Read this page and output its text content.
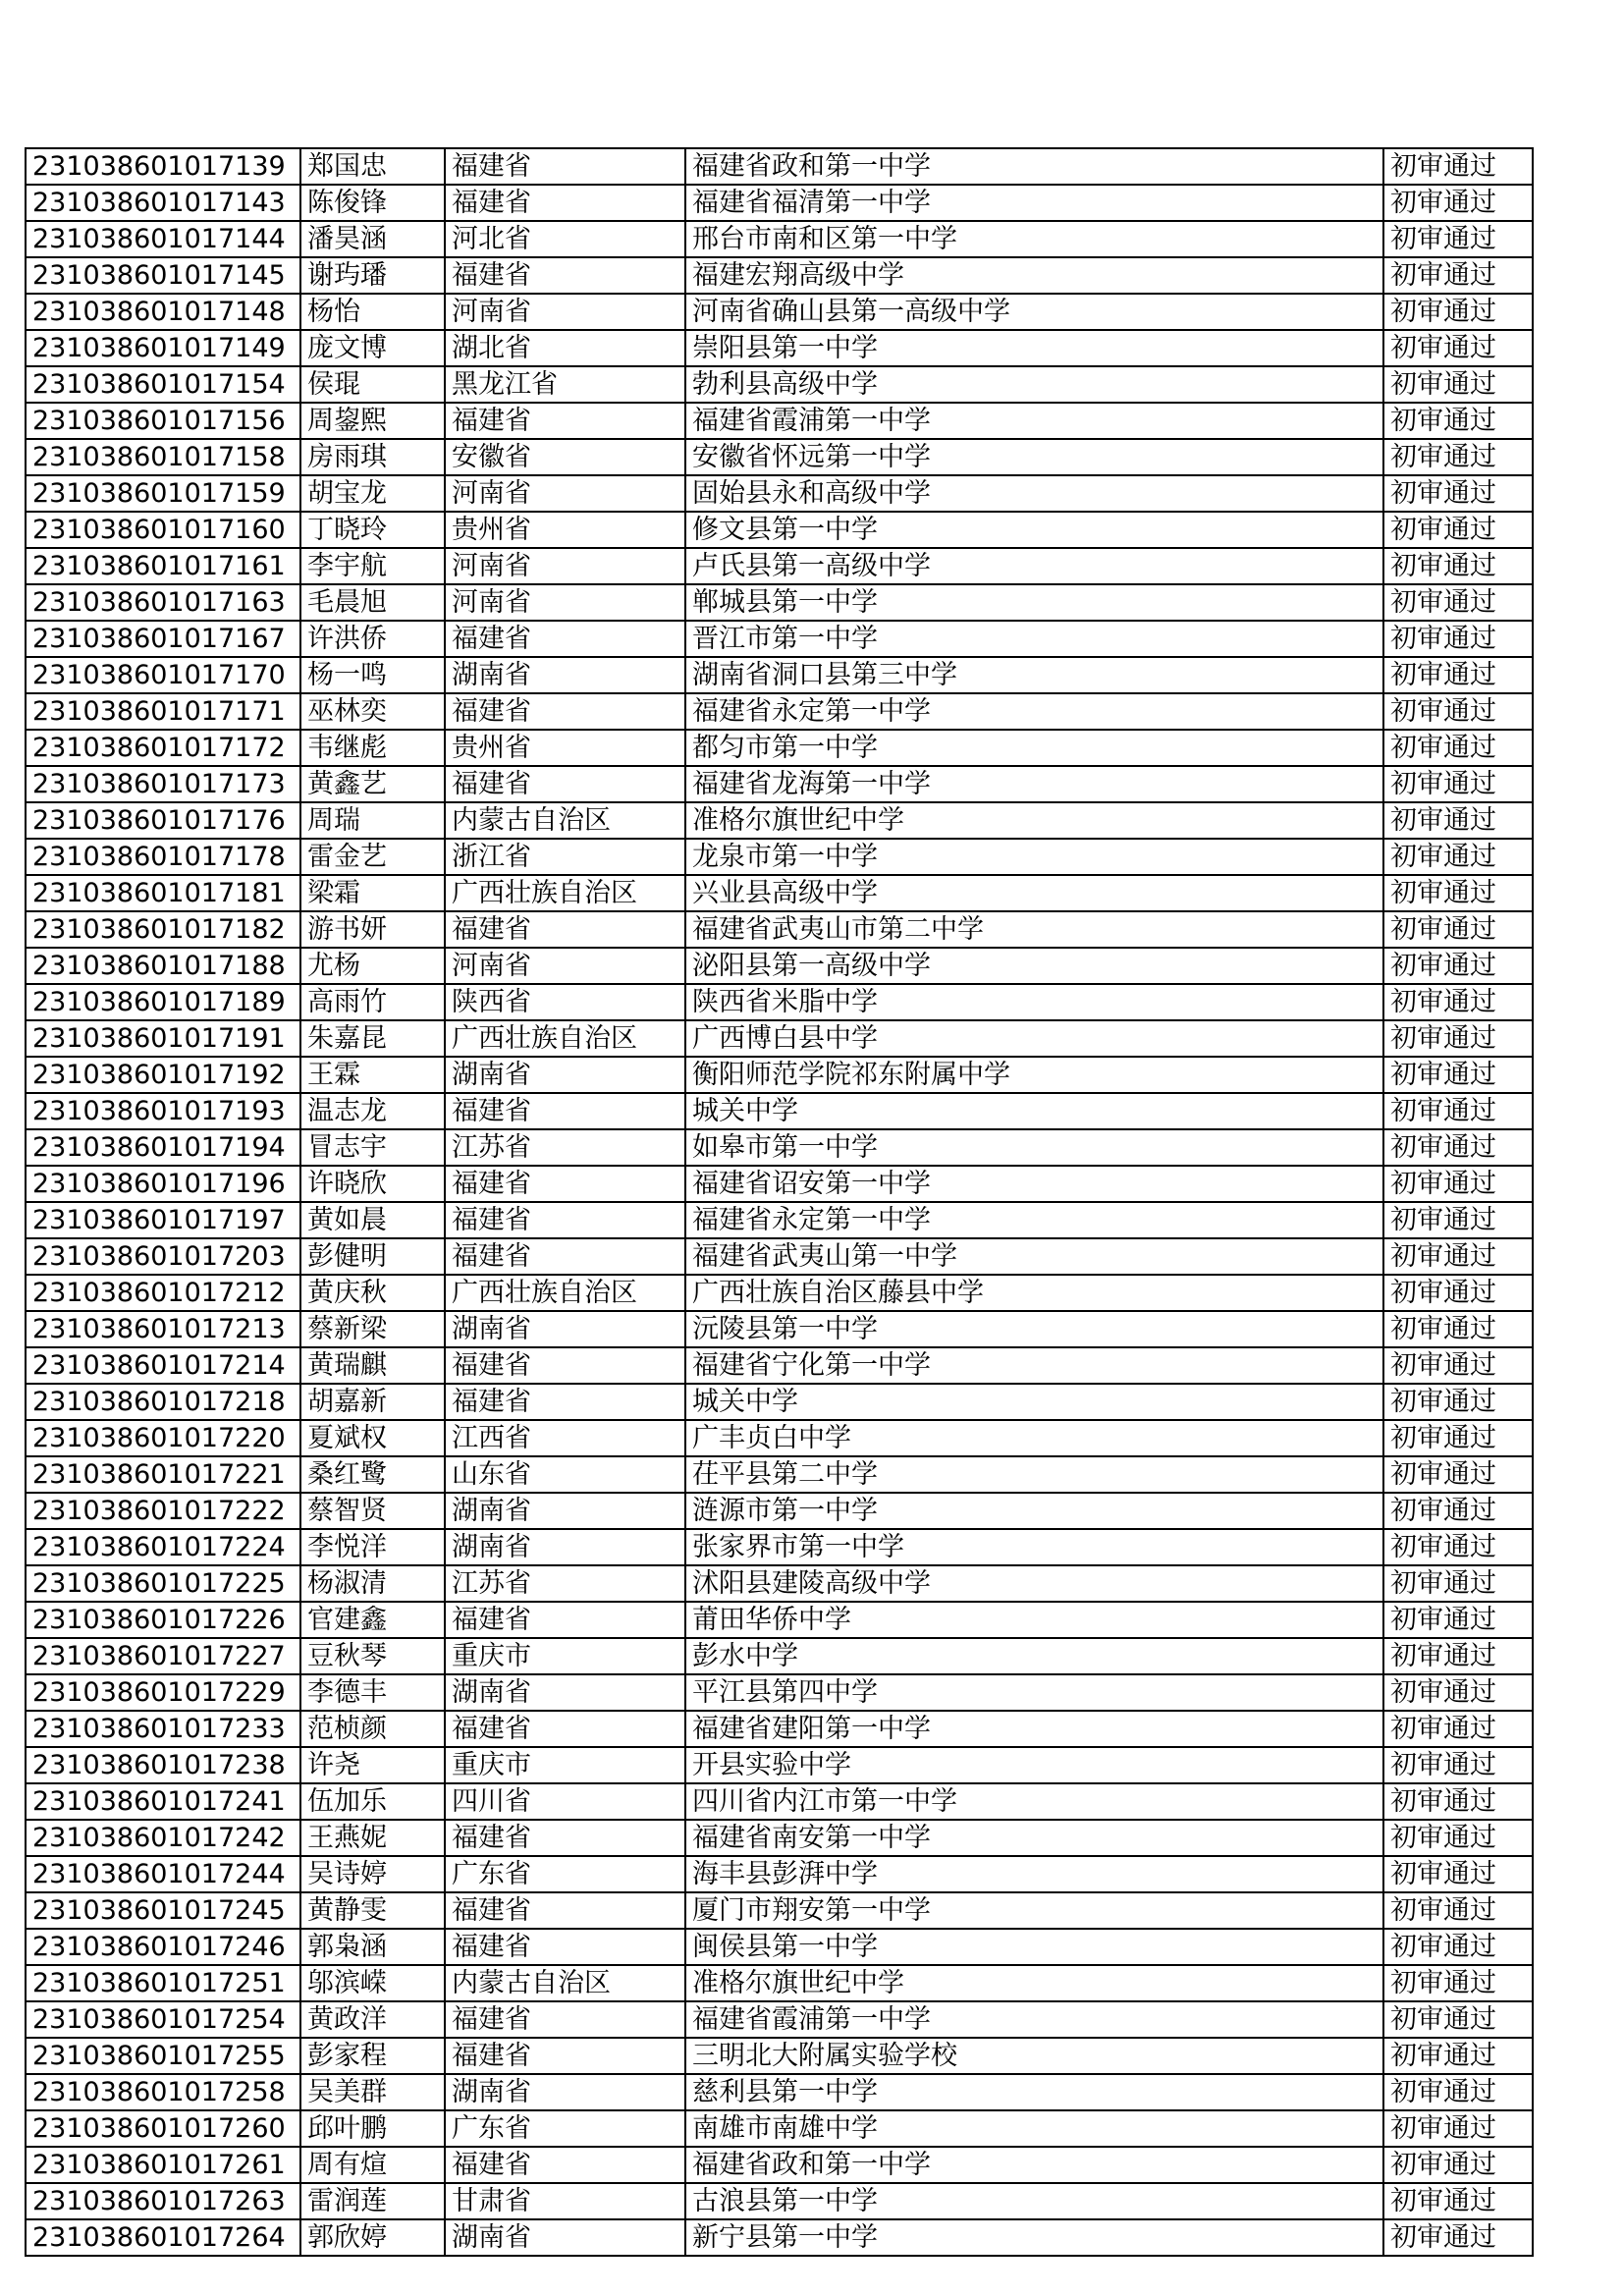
231038601017139	郑国忠	福建省	福建省政和第一中学	初审通过
231038601017143	陈俊锋	福建省	福建省福清第一中学	初审通过
231038601017144	潘昊涵	河北省	邢台市南和区第一中学	初审通过
231038601017145	谢玙璠	福建省	福建宏翔高级中学	初审通过
231038601017148	杨怡	河南省	河南省确山县第一高级中学	初审通过
231038601017149	庞文博	湖北省	崇阳县第一中学	初审通过
231038601017154	侯琨	黑龙江省	勃利县高级中学	初审通过
231038601017156	周鋆熙	福建省	福建省霞浦第一中学	初审通过
231038601017158	房雨琪	安徽省	安徽省怀远第一中学	初审通过
231038601017159	胡宝龙	河南省	固始县永和高级中学	初审通过
231038601017160	丁晓玲	贵州省	修文县第一中学	初审通过
231038601017161	李宇航	河南省	卢氏县第一高级中学	初审通过
231038601017163	毛晨旭	河南省	郸城县第一中学	初审通过
231038601017167	许洪侨	福建省	晋江市第一中学	初审通过
231038601017170	杨一鸣	湖南省	湖南省洞口县第三中学	初审通过
231038601017171	巫林奕	福建省	福建省永定第一中学	初审通过
231038601017172	韦继彪	贵州省	都匀市第一中学	初审通过
231038601017173	黄鑫艺	福建省	福建省龙海第一中学	初审通过
231038601017176	周瑞	内蒙古自治区	准格尔旗世纪中学	初审通过
231038601017178	雷金艺	浙江省	龙泉市第一中学	初审通过
231038601017181	梁霜	广西壮族自治区	兴业县高级中学	初审通过
231038601017182	游书妍	福建省	福建省武夷山市第二中学	初审通过
231038601017188	尤杨	河南省	泌阳县第一高级中学	初审通过
231038601017189	高雨竹	陕西省	陕西省米脂中学	初审通过
231038601017191	朱嘉昆	广西壮族自治区	广西博白县中学	初审通过
231038601017192	王霖	湖南省	衡阳师范学院祁东附属中学	初审通过
231038601017193	温志龙	福建省	城关中学	初审通过
231038601017194	冒志宇	江苏省	如皋市第一中学	初审通过
231038601017196	许晓欣	福建省	福建省诏安第一中学	初审通过
231038601017197	黄如晨	福建省	福建省永定第一中学	初审通过
231038601017203	彭健明	福建省	福建省武夷山第一中学	初审通过
231038601017212	黄庆秋	广西壮族自治区	广西壮族自治区藤县中学	初审通过
231038601017213	蔡新梁	湖南省	沅陵县第一中学	初审通过
231038601017214	黄瑞麒	福建省	福建省宁化第一中学	初审通过
231038601017218	胡嘉新	福建省	城关中学	初审通过
231038601017220	夏斌权	江西省	广丰贞白中学	初审通过
231038601017221	桑红鹭	山东省	茌平县第二中学	初审通过
231038601017222	蔡智贤	湖南省	涟源市第一中学	初审通过
231038601017224	李悦洋	湖南省	张家界市第一中学	初审通过
231038601017225	杨淑清	江苏省	沭阳县建陵高级中学	初审通过
231038601017226	官建鑫	福建省	莆田华侨中学	初审通过
231038601017227	豆秋琴	重庆市	彭水中学	初审通过
231038601017229	李德丰	湖南省	平江县第四中学	初审通过
231038601017233	范桢颜	福建省	福建省建阳第一中学	初审通过
231038601017238	许尧	重庆市	开县实验中学	初审通过
231038601017241	伍加乐	四川省	四川省内江市第一中学	初审通过
231038601017242	王燕妮	福建省	福建省南安第一中学	初审通过
231038601017244	吴诗婷	广东省	海丰县彭湃中学	初审通过
231038601017245	黄静雯	福建省	厦门市翔安第一中学	初审通过
231038601017246	郭枭涵	福建省	闽侯县第一中学	初审通过
231038601017251	邬滨嵘	内蒙古自治区	准格尔旗世纪中学	初审通过
231038601017254	黄政洋	福建省	福建省霞浦第一中学	初审通过
231038601017255	彭家程	福建省	三明北大附属实验学校	初审通过
231038601017258	吴美群	湖南省	慈利县第一中学	初审通过
231038601017260	邱叶鹏	广东省	南雄市南雄中学	初审通过
231038601017261	周有煊	福建省	福建省政和第一中学	初审通过
231038601017263	雷润莲	甘肃省	古浪县第一中学	初审通过
231038601017264	郭欣婷	湖南省	新宁县第一中学	初审通过
